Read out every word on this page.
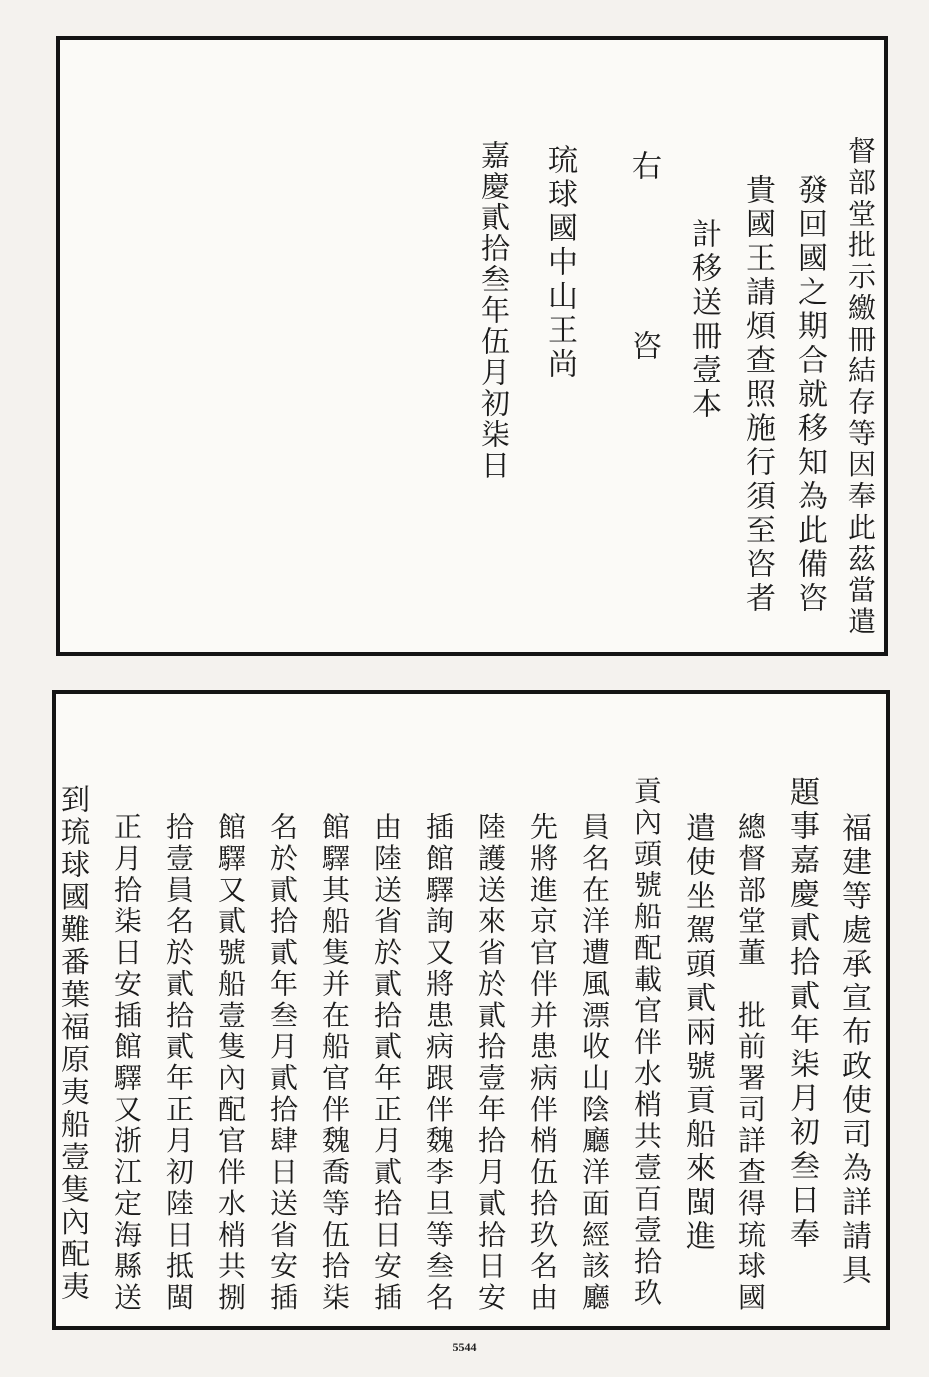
督部堂批示繳冊結存等因奉此茲當遣
發回國之期合就移知為此備咨
貴國王請煩查照施行須至咨者
計移送冊壹本
右
咨
琉球國中山王尚
嘉慶貳拾叁年伍月初柒日
福建等處承宣布政使司為詳請具
題事嘉慶貳拾貳年柒月初叁日奉
總督部堂董　批前署司詳查得琉球國
遣使坐駕頭貳兩號貢船來閩進
貢內頭號船配載官伴水梢共壹百壹拾玖
員名在洋遭風漂收山陰廳洋面經該廳
先將進京官伴并患病伴梢伍拾玖名由
陸護送來省於貳拾壹年拾月貳拾日安
插館驛詢又將患病跟伴魏李旦等叁名
由陸送省於貳拾貳年正月貳拾日安插
館驛其船隻并在船官伴魏喬等伍拾柒
名於貳拾貳年叁月貳拾肆日送省安插
館驛又貳號船壹隻內配官伴水梢共捌
拾壹員名於貳拾貳年正月初陸日抵閩
正月拾柒日安插館驛又浙江定海縣送
到琉球國難番葉福原夷船壹隻內配夷
5544
